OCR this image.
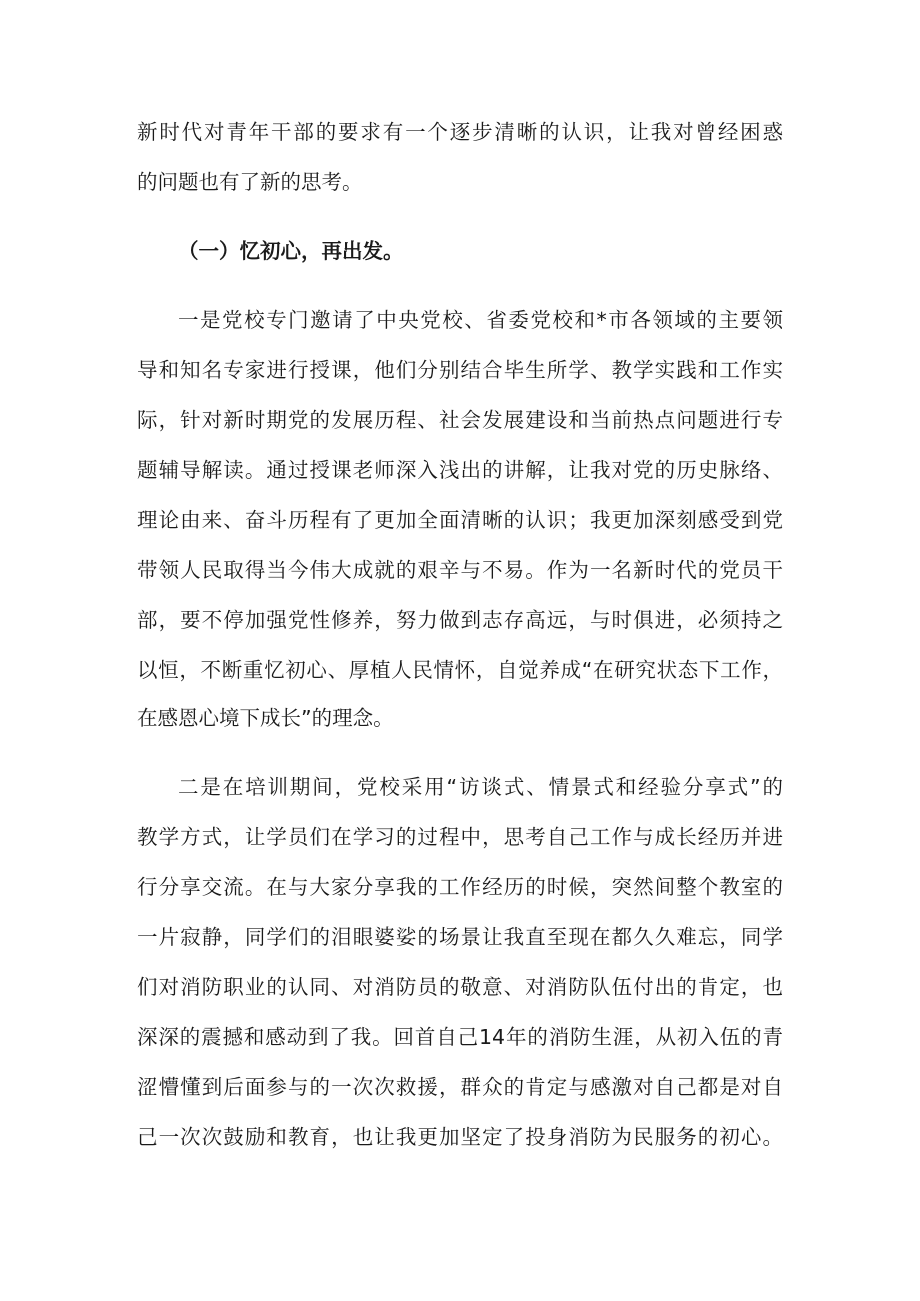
新时代对青年干部的要求有一个逐步清晰的认识，让我对曾经困惑
的问题也有了新的思考。
（一）忆初心，再出发。
一是党校专门邀请了中央党校、省委党校和*市各领域的主要领
导和知名专家进行授课，他们分别结合毕生所学、教学实践和工作实
际，针对新时期党的发展历程、社会发展建设和当前热点问题进行专
题辅导解读。通过授课老师深入浅出的讲解，让我对党的历史脉络、
理论由来、奋斗历程有了更加全面清晰的认识；我更加深刻感受到党
带领人民取得当今伟大成就的艰辛与不易。作为一名新时代的党员干
部，要不停加强党性修养，努力做到志存高远，与时俱进，必须持之
以恒，不断重忆初心、厚植人民情怀，自觉养成“在研究状态下工作，
在感恩心境下成长”的理念。
二是在培训期间，党校采用“访谈式、情景式和经验分享式”的
教学方式，让学员们在学习的过程中，思考自己工作与成长经历并进
行分享交流。在与大家分享我的工作经历的时候，突然间整个教室的
一片寂静，同学们的泪眼婆娑的场景让我直至现在都久久难忘，同学
们对消防职业的认同、对消防员的敬意、对消防队伍付出的肯定，也
深深的震撼和感动到了我。回首自己14年的消防生涯，从初入伍的青
涩懵懂到后面参与的一次次救援，群众的肯定与感激对自己都是对自
己一次次鼓励和教育，也让我更加坚定了投身消防为民服务的初心。
